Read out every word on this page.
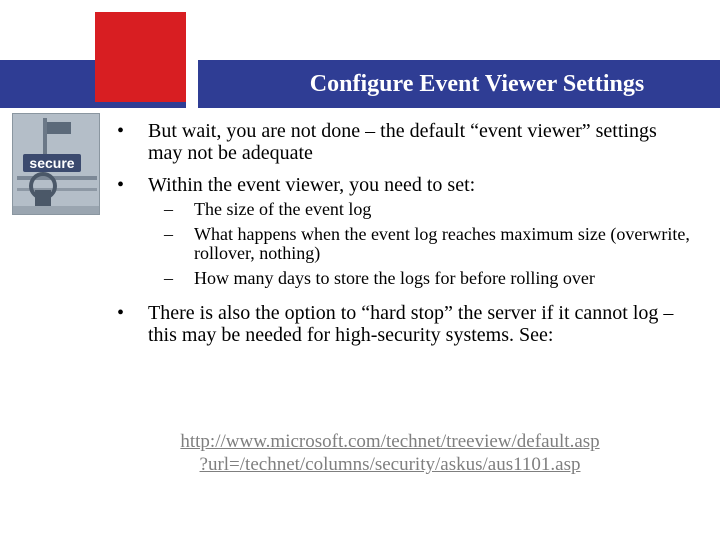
Configure Event Viewer Settings
secure
• But wait, you are not done – the default “event viewer” settings may not be adequate
• Within the event viewer, you need to set:
– The size of the event log
– What happens when the event log reaches maximum size (overwrite, rollover, nothing)
– How many days to store the logs for before rolling over
• There is also the option to “hard stop” the server if it cannot log – this may be needed for high-security systems. See:
http://www.microsoft.com/technet/treeview/default.asp
?url=/technet/columns/security/askus/aus1101.asp
